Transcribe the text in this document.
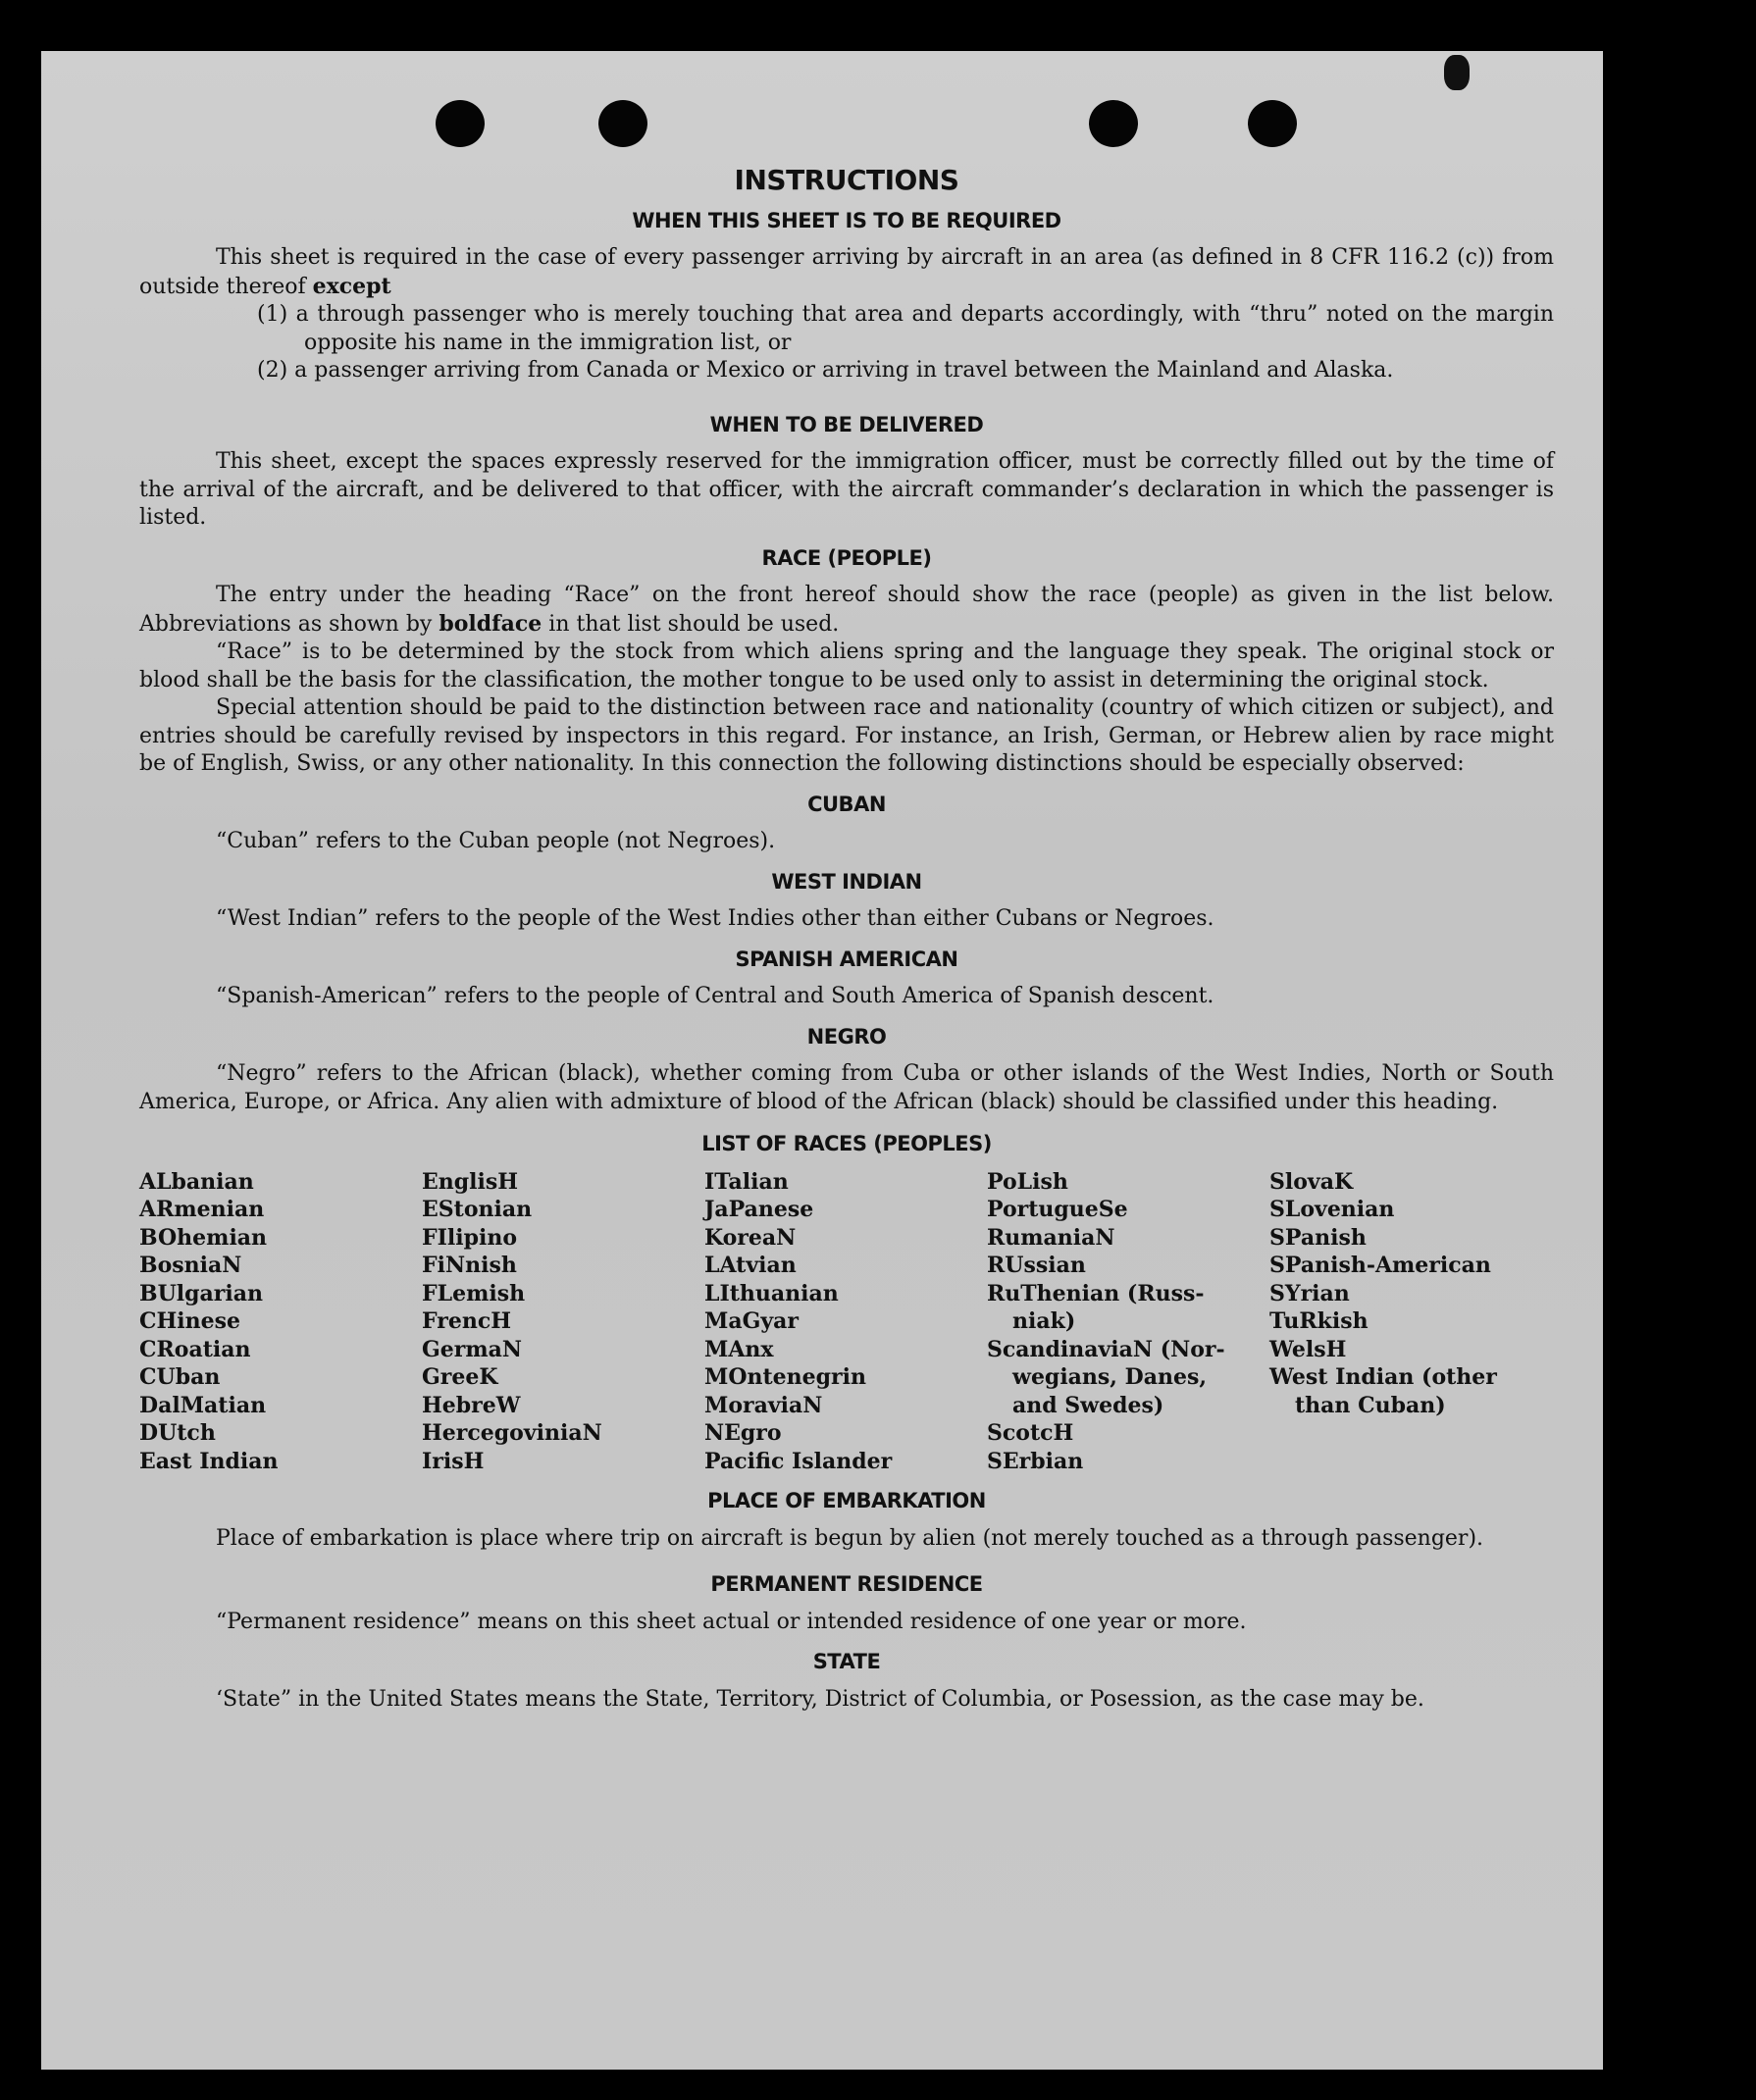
INSTRUCTIONS
WHEN THIS SHEET IS TO BE REQUIRED

This sheet is required in the case of every passenger arriving by aircraft in an area (as defined in 8 CFR 116.2 (c)) from outside thereof except

(1) a through passenger who is merely touching that area and departs accordingly, with “thru” noted on the margin opposite his name in the immigration list, or

(2) a passenger arriving from Canada or Mexico or arriving in travel between the Mainland and Alaska.

WHEN TO BE DELIVERED

This sheet, except the spaces expressly reserved for the immigration officer, must be correctly filled out by the time of the arrival of the aircraft, and be delivered to that officer, with the aircraft commander’s declaration in which the passenger is listed.

RACE (PEOPLE)

The entry under the heading “Race” on the front hereof should show the race (people) as given in the list below. Abbreviations as shown by boldface in that list should be used.

“Race” is to be determined by the stock from which aliens spring and the language they speak. The original stock or blood shall be the basis for the classification, the mother tongue to be used only to assist in determining the original stock.

Special attention should be paid to the distinction between race and nationality (country of which citizen or subject), and entries should be carefully revised by inspectors in this regard. For instance, an Irish, German, or Hebrew alien by race might be of English, Swiss, or any other nationality. In this connection the following distinctions should be especially observed:

CUBAN

“Cuban” refers to the Cuban people (not Negroes).

WEST INDIAN

“West Indian” refers to the people of the West Indies other than either Cubans or Negroes.

SPANISH AMERICAN

“Spanish-American” refers to the people of Central and South America of Spanish descent.

NEGRO

“Negro” refers to the African (black), whether coming from Cuba or other islands of the West Indies, North or South America, Europe, or Africa. Any alien with admixture of blood of the African (black) should be classified under this heading.

LIST OF RACES (PEOPLES)
ALbanian
ARmenian
BOhemian
BosniaN
BUlgarian
CHinese
CRoatian
CUban
DalMatian
DUtch
East Indian
EnglisH
EStonian
FIlipino
FiNnish
FLemish
FrencH
GermaN
GreeK
HebreW
HercegoviniaN
IrisH
ITalian
JaPanese
KoreaN
LAtvian
LIthuanian
MaGyar
MAnx
MOntenegrin
MoraviaN
NEgro
Pacific Islander
PoLish
PortugueSe
RumaniaN
RUssian
RuThenian (Russ-
niak)
ScandinaviaN (Nor-
wegians, Danes,
and Swedes)
ScotcH
SErbian
SlovaK
SLovenian
SPanish
SPanish-American
SYrian
TuRkish
WelsH
West Indian (other
than Cuban)
PLACE OF EMBARKATION

Place of embarkation is place where trip on aircraft is begun by alien (not merely touched as a through passenger).

PERMANENT RESIDENCE

“Permanent residence” means on this sheet actual or intended residence of one year or more.

STATE

‘State” in the United States means the State, Territory, District of Columbia, or Posession, as the case may be.
